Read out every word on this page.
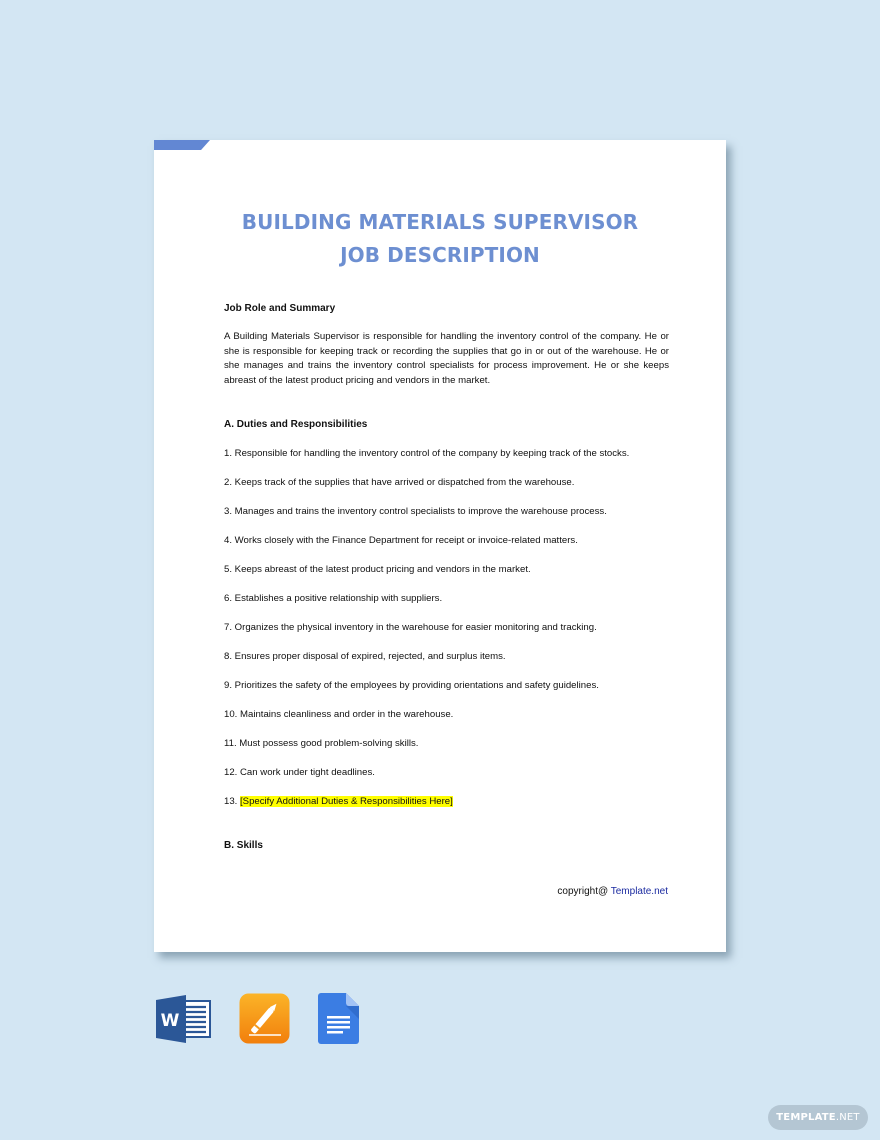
BUILDING MATERIALS SUPERVISOR
JOB DESCRIPTION

Job Role and Summary

A Building Materials Supervisor is responsible for handling the inventory control of the company. He or she is responsible for keeping track or recording the supplies that go in or out of the warehouse. He or she manages and trains the inventory control specialists for process improvement. He or she keeps abreast of the latest product pricing and vendors in the market.

A. Duties and Responsibilities

1. Responsible for handling the inventory control of the company by keeping track of the stocks.

2. Keeps track of the supplies that have arrived or dispatched from the warehouse.

3. Manages and trains the inventory control specialists to improve the warehouse process.

4. Works closely with the Finance Department for receipt or invoice-related matters.

5. Keeps abreast of the latest product pricing and vendors in the market.

6. Establishes a positive relationship with suppliers.

7. Organizes the physical inventory in the warehouse for easier monitoring and tracking.

8. Ensures proper disposal of expired, rejected, and surplus items.

9. Prioritizes the safety of the employees by providing orientations and safety guidelines.

10. Maintains cleanliness and order in the warehouse.

11. Must possess good problem-solving skills.

12. Can work under tight deadlines.

13. [Specify Additional Duties & Responsibilities Here]

B. Skills

copyright@ Template.net
W
TEMPLATE.NET
